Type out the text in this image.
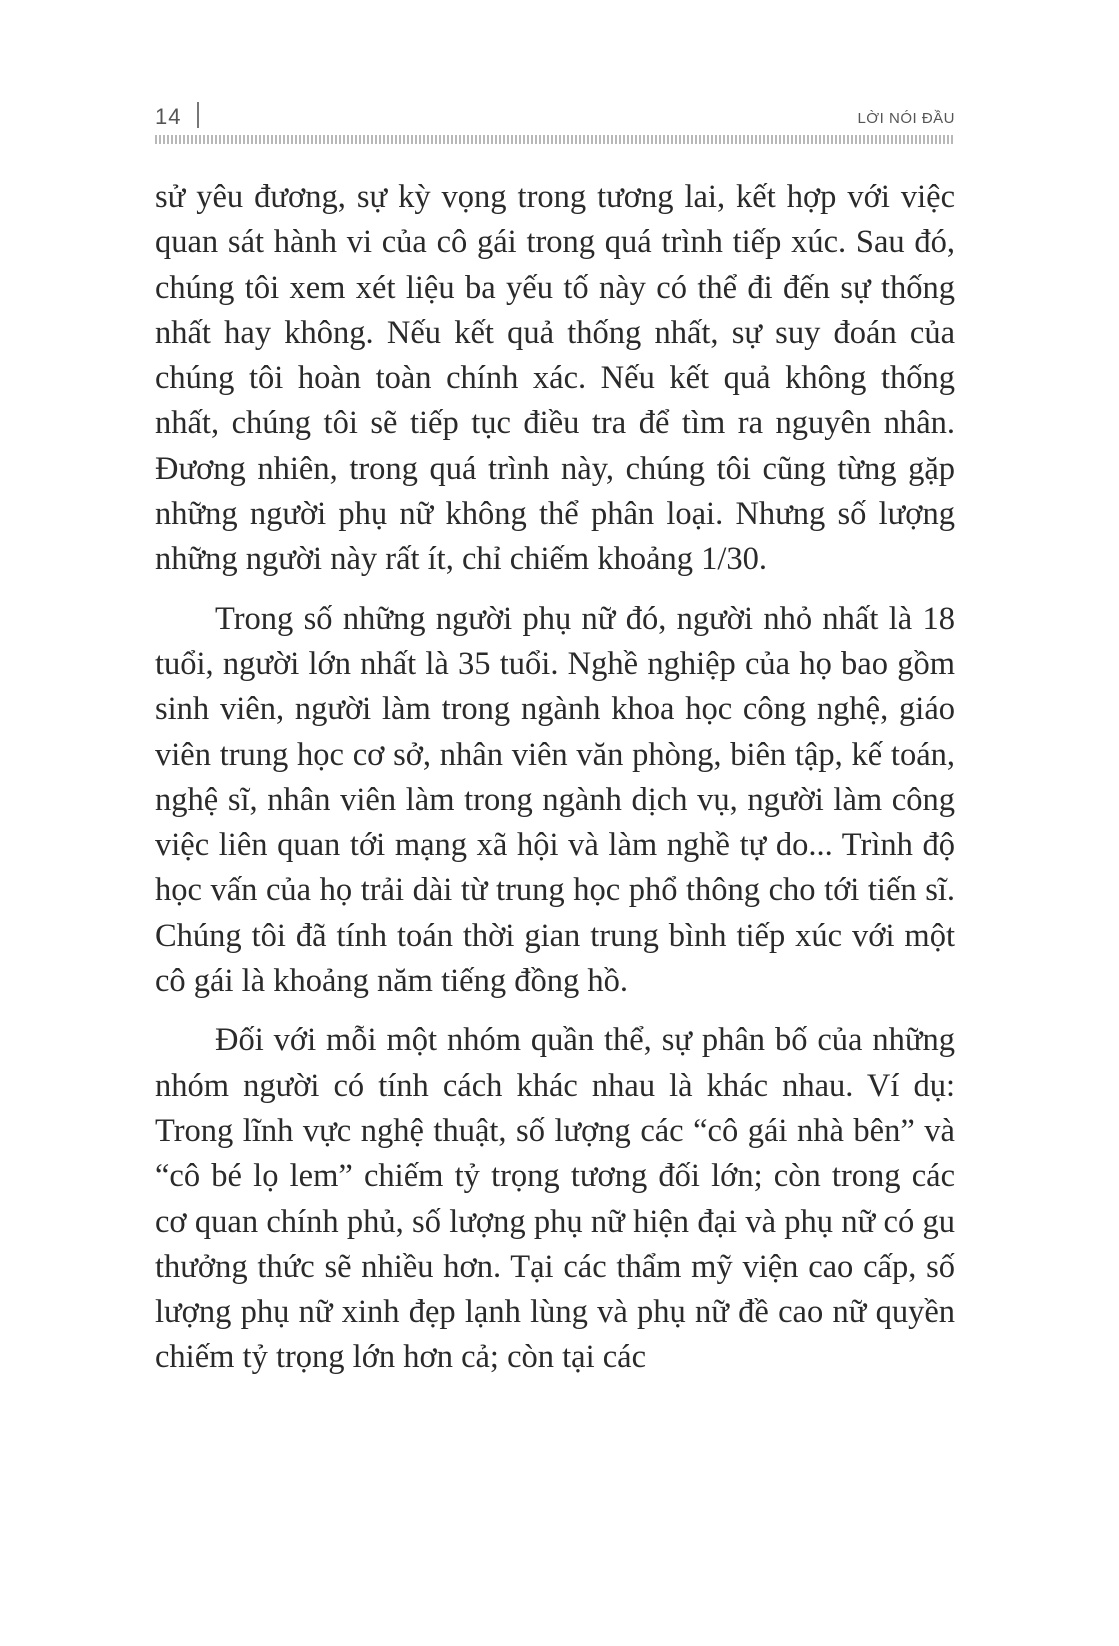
14	LỜI NÓI ĐẦU

sử yêu đương, sự kỳ vọng trong tương lai, kết hợp với việc quan sát hành vi của cô gái trong quá trình tiếp xúc. Sau đó, chúng tôi xem xét liệu ba yếu tố này có thể đi đến sự thống nhất hay không. Nếu kết quả thống nhất, sự suy đoán của chúng tôi hoàn toàn chính xác. Nếu kết quả không thống nhất, chúng tôi sẽ tiếp tục điều tra để tìm ra nguyên nhân. Đương nhiên, trong quá trình này, chúng tôi cũng từng gặp những người phụ nữ không thể phân loại. Nhưng số lượng những người này rất ít, chỉ chiếm khoảng 1/30.

Trong số những người phụ nữ đó, người nhỏ nhất là 18 tuổi, người lớn nhất là 35 tuổi. Nghề nghiệp của họ bao gồm sinh viên, người làm trong ngành khoa học công nghệ, giáo viên trung học cơ sở, nhân viên văn phòng, biên tập, kế toán, nghệ sĩ, nhân viên làm trong ngành dịch vụ, người làm công việc liên quan tới mạng xã hội và làm nghề tự do... Trình độ học vấn của họ trải dài từ trung học phổ thông cho tới tiến sĩ. Chúng tôi đã tính toán thời gian trung bình tiếp xúc với một cô gái là khoảng năm tiếng đồng hồ.

Đối với mỗi một nhóm quần thể, sự phân bố của những nhóm người có tính cách khác nhau là khác nhau. Ví dụ: Trong lĩnh vực nghệ thuật, số lượng các “cô gái nhà bên” và “cô bé lọ lem” chiếm tỷ trọng tương đối lớn; còn trong các cơ quan chính phủ, số lượng phụ nữ hiện đại và phụ nữ có gu thưởng thức sẽ nhiều hơn. Tại các thẩm mỹ viện cao cấp, số lượng phụ nữ xinh đẹp lạnh lùng và phụ nữ đề cao nữ quyền chiếm tỷ trọng lớn hơn cả; còn tại các
